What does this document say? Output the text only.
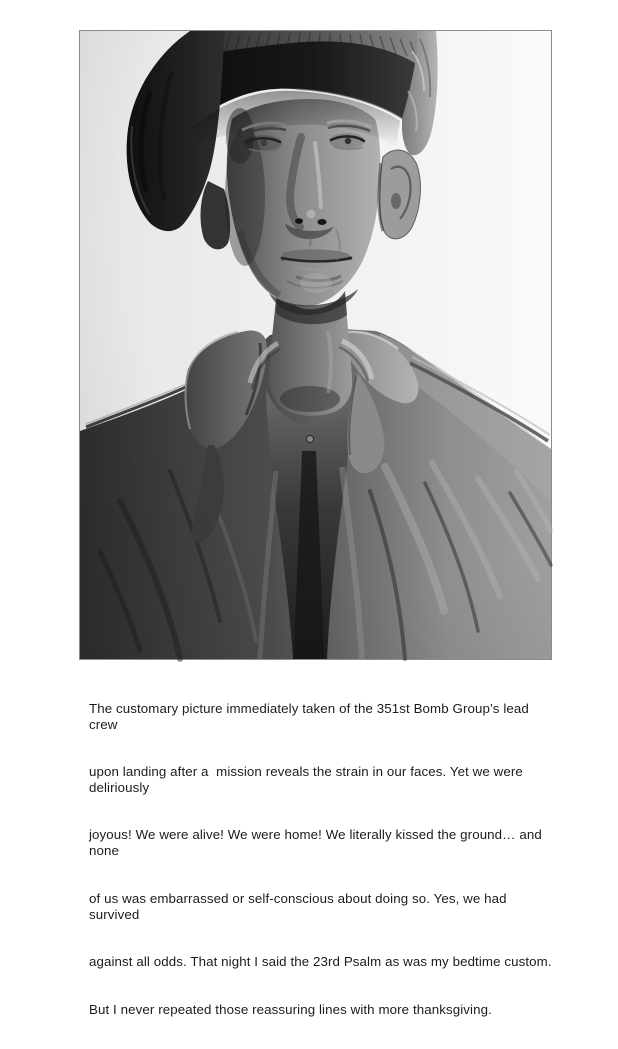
The customary picture immediately taken of the 351st Bomb Group’s lead crew

upon landing after a  mission reveals the strain in our faces. Yet we were deliriously

joyous! We were alive! We were home! We literally kissed the ground… and none

of us was embarrassed or self-conscious about doing so. Yes, we had survived

against all odds. That night I said the 23rd Psalm as was my bedtime custom.

But I never repeated those reassuring lines with more thanksgiving.
